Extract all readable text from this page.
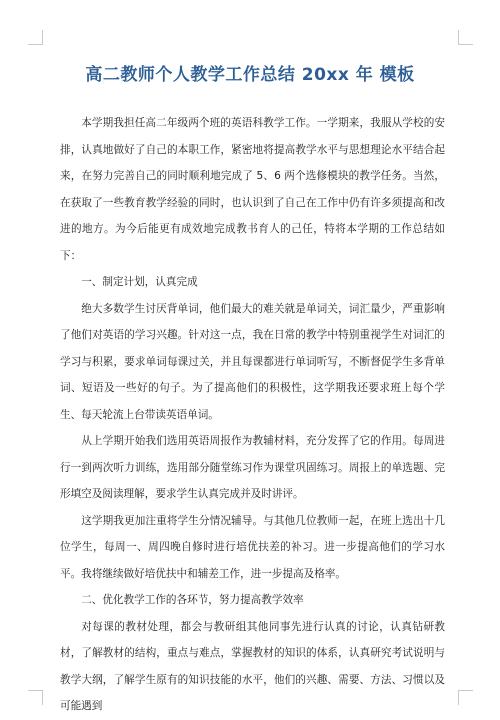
高二教师个人教学工作总结 20xx 年 模板

本学期我担任高二年级两个班的英语科教学工作。一学期来，我服从学校的安排，认真地做好了自己的本职工作，紧密地将提高教学水平与思想理论水平结合起来，在努力完善自己的同时顺利地完成了 5、6 两个选修模块的教学任务。当然，在获取了一些教育教学经验的同时，也认识到了自己在工作中仍有许多须提高和改进的地方。为今后能更有成效地完成教书育人的己任，特将本学期的工作总结如下：

一、制定计划，认真完成

绝大多数学生讨厌背单词，他们最大的难关就是单词关，词汇量少，严重影响了他们对英语的学习兴趣。针对这一点，我在日常的教学中特别重视学生对词汇的学习与积累，要求单词每课过关，并且每课都进行单词听写，不断督促学生多背单词、短语及一些好的句子。为了提高他们的积极性，这学期我还要求班上每个学生、每天轮流上台带读英语单词。

从上学期开始我们选用英语周报作为教辅材料，充分发挥了它的作用。每周进行一到两次听力训练，选用部分随堂练习作为课堂巩固练习。周报上的单选题、完形填空及阅读理解，要求学生认真完成并及时讲评。

这学期我更加注重将学生分情况辅导。与其他几位教师一起，在班上选出十几位学生，每周一、周四晚自修时进行培优扶差的补习。进一步提高他们的学习水平。我将继续做好培优扶中和辅差工作，进一步提高及格率。

二、优化教学工作的各环节，努力提高教学效率

对每课的教材处理，都会与教研组其他同事先进行认真的讨论，认真钻研教材，了解教材的结构，重点与难点，掌握教材的知识的体系，认真研究考试说明与教学大纲，了解学生原有的知识技能的水平，他们的兴趣、需要、方法、习惯以及可能遇到
